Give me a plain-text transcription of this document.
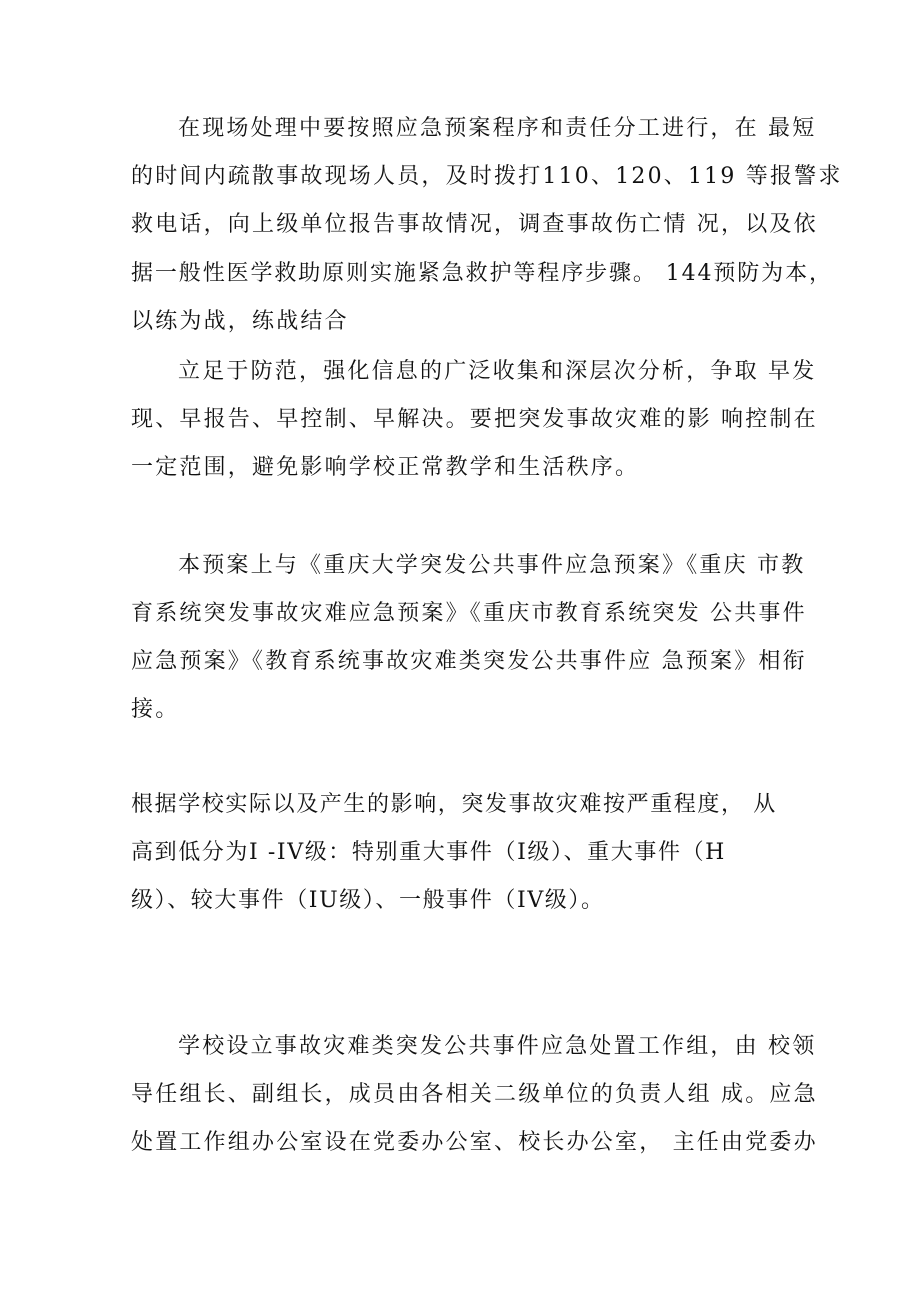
在现场处理中要按照应急预案程序和责任分工进行，在 最短
的时间内疏散事故现场人员，及时拨打110、120、119 等报警求
救电话，向上级单位报告事故情况，调查事故伤亡情 况，以及依
据一般性医学救助原则实施紧急救护等程序步骤。 144预防为本，
以练为战，练战结合
立足于防范，强化信息的广泛收集和深层次分析，争取 早发
现、早报告、早控制、早解决。要把突发事故灾难的影 响控制在
一定范围，避免影响学校正常教学和生活秩序。
本预案上与《重庆大学突发公共事件应急预案》《重庆 市教
育系统突发事故灾难应急预案》《重庆市教育系统突发 公共事件
应急预案》《教育系统事故灾难类突发公共事件应 急预案》相衔
接。
根据学校实际以及产生的影响，突发事故灾难按严重程度， 从
高到低分为I -IV级：特别重大事件（I级）、重大事件（H
级）、较大事件（IU级）、一般事件（IV级）。
学校设立事故灾难类突发公共事件应急处置工作组，由 校领
导任组长、副组长，成员由各相关二级单位的负责人组 成。应急
处置工作组办公室设在党委办公室、校长办公室， 主任由党委办
